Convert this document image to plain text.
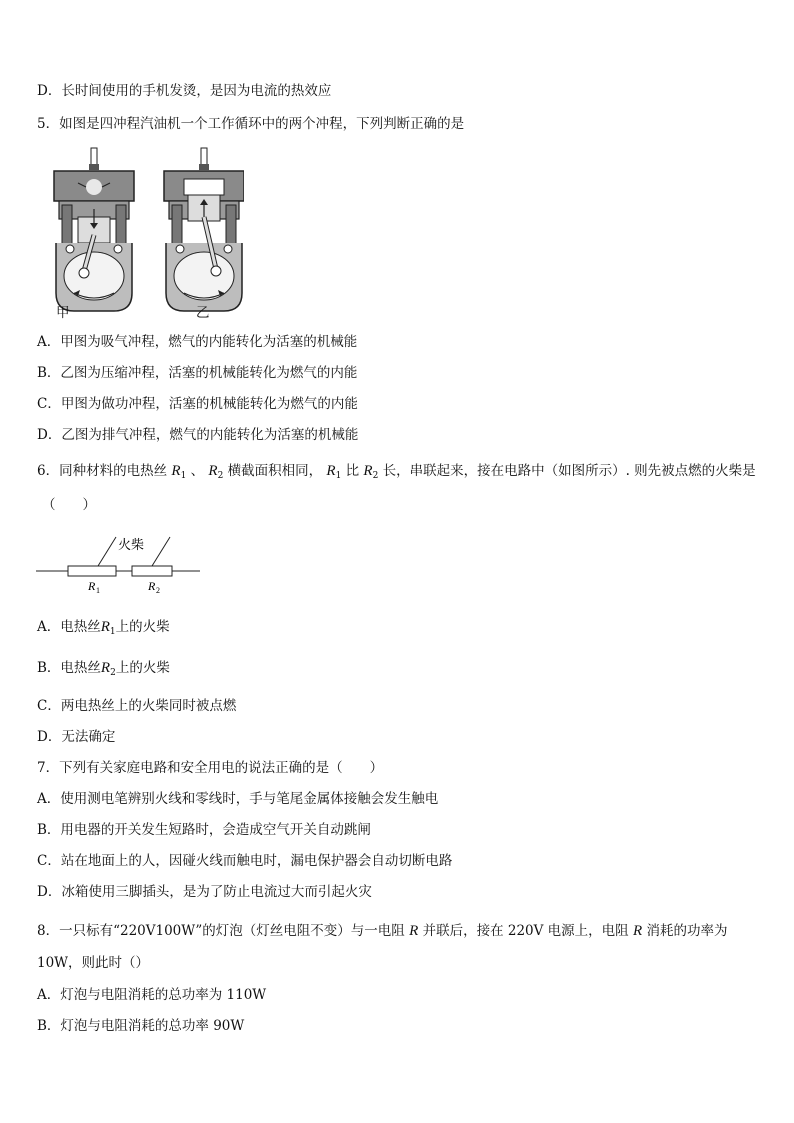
D．长时间使用的手机发烫，是因为电流的热效应
5．如图是四冲程汽油机一个工作循环中的两个冲程，下列判断正确的是
甲	乙
A．甲图为吸气冲程，燃气的内能转化为活塞的机械能
B．乙图为压缩冲程，活塞的机械能转化为燃气的内能
C．甲图为做功冲程，活塞的机械能转化为燃气的内能
D．乙图为排气冲程，燃气的内能转化为活塞的机械能
6．同种材料的电热丝 $R_1$ 、 $R_2$ 横截面积相同， $R_1$ 比 $R_2$ 长，串联起来，接在电路中（如图所示）. 则先被点燃的火柴是
（　　）
火柴
R 1	R 2
A．电热丝$R_1$上的火柴
B．电热丝$R_2$上的火柴
C．两电热丝上的火柴同时被点燃
D．无法确定
7．下列有关家庭电路和安全用电的说法正确的是（　　）
A．使用测电笔辨别火线和零线时，手与笔尾金属体接触会发生触电
B．用电器的开关发生短路时，会造成空气开关自动跳闸
C．站在地面上的人，因碰火线而触电时，漏电保护器会自动切断电路
D．冰箱使用三脚插头，是为了防止电流过大而引起火灾
8．一只标有“220V100W”的灯泡（灯丝电阻不变）与一电阻 R 并联后，接在 220V 电源上，电阻 R 消耗的功率为
10W，则此时（）
A．灯泡与电阻消耗的总功率为 110W
B．灯泡与电阻消耗的总功率 90W
